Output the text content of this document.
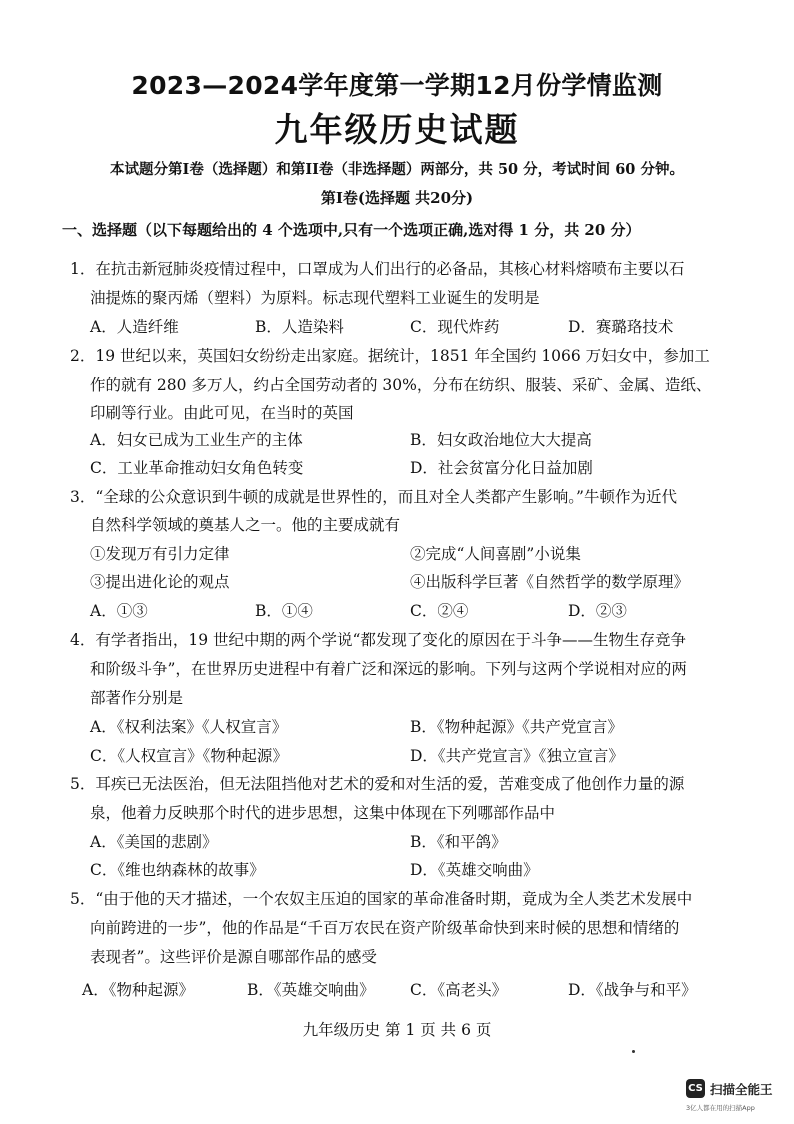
2023—2024学年度第一学期12月份学情监测
九年级历史试题
本试题分第I卷（选择题）和第II卷（非选择题）两部分，共 50 分，考试时间 60 分钟。
第I卷(选择题 共20分)
一、选择题（以下每题给出的 4 个选项中,只有一个选项正确,选对得 1 分，共 20 分）
1．在抗击新冠肺炎疫情过程中，口罩成为人们出行的必备品，其核心材料熔喷布主要以石
油提炼的聚丙烯（塑料）为原料。标志现代塑料工业诞生的发明是
A．人造纤维	B．人造染料	C．现代炸药	D．赛璐珞技术
2．19 世纪以来，英国妇女纷纷走出家庭。据统计，1851 年全国约 1066 万妇女中，参加工
作的就有 280 多万人，约占全国劳动者的 30%，分布在纺织、服装、采矿、金属、造纸、
印刷等行业。由此可见，在当时的英国
A．妇女已成为工业生产的主体	B．妇女政治地位大大提高
C．工业革命推动妇女角色转变	D．社会贫富分化日益加剧
3．“全球的公众意识到牛顿的成就是世界性的，而且对全人类都产生影响。”牛顿作为近代
自然科学领域的奠基人之一。他的主要成就有
①发现万有引力定律	②完成“人间喜剧”小说集
③提出进化论的观点	④出版科学巨著《自然哲学的数学原理》
A．①③	B．①④	C．②④	D．②③
4．有学者指出，19 世纪中期的两个学说“都发现了变化的原因在于斗争——生物生存竞争
和阶级斗争”，在世界历史进程中有着广泛和深远的影响。下列与这两个学说相对应的两
部著作分别是
A．《权利法案》《人权宣言》	B．《物种起源》《共产党宣言》
C．《人权宣言》《物种起源》	D．《共产党宣言》《独立宣言》
5．耳疾已无法医治，但无法阻挡他对艺术的爱和对生活的爱，苦难变成了他创作力量的源
泉，他着力反映那个时代的进步思想，这集中体现在下列哪部作品中
A．《美国的悲剧》	B．《和平鸽》
C．《维也纳森林的故事》	D．《英雄交响曲》
5．“由于他的天才描述，一个农奴主压迫的国家的革命准备时期，竟成为全人类艺术发展中
向前跨进的一步”，他的作品是“千百万农民在资产阶级革命快到来时候的思想和情绪的
表现者”。这些评价是源自哪部作品的感受
A．《物种起源》	B．《英雄交响曲》 C．《高老头》	D．《战争与和平》
九年级历史 第 1 页 共 6 页
CS 扫描全能王
3亿人都在用的扫描App
